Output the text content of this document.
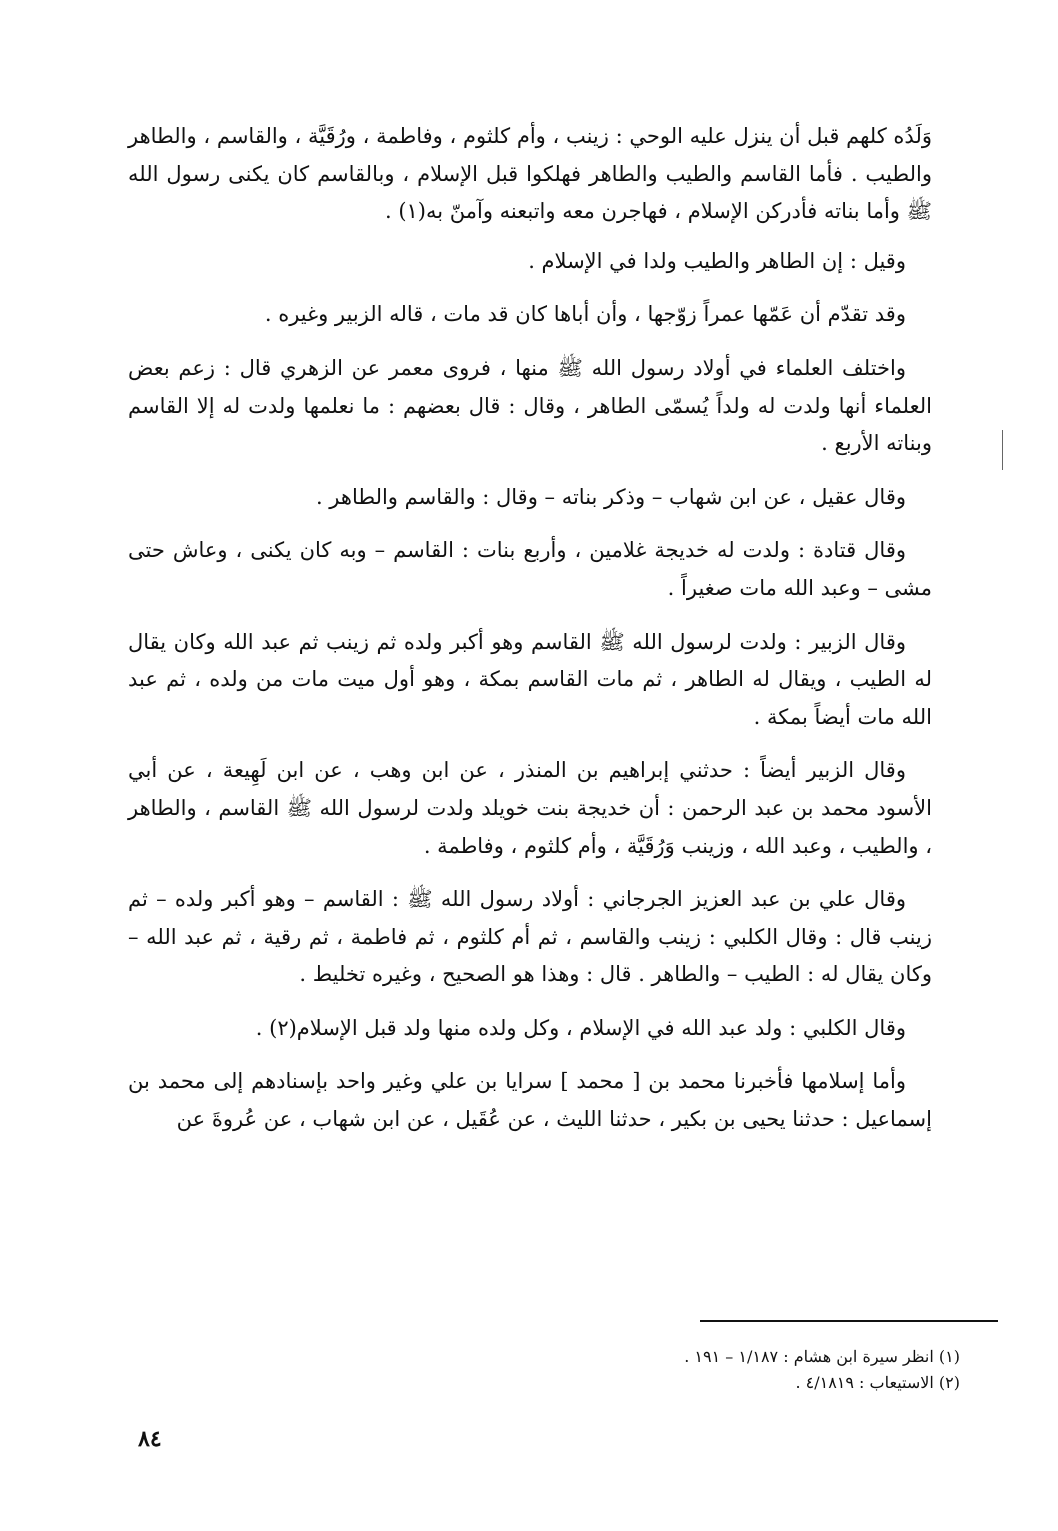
وَلَدُه كلهم قبل أن ينزل عليه الوحي : زينب ، وأم كلثوم ، وفاطمة ، ورُقَيَّة ، والقاسم ، والطاهر والطيب . فأما القاسم والطيب والطاهر فهلكوا قبل الإسلام ، وبالقاسم كان يكنى رسول الله ﷺ وأما بناته فأدركن الإسلام ، فهاجرن معه واتبعنه وآمنّ به(١) .

وقيل : إن الطاهر والطيب ولدا في الإسلام .

وقد تقدّم أن عَمّها عمراً زوّجها ، وأن أباها كان قد مات ، قاله الزبير وغيره .

واختلف العلماء في أولاد رسول الله ﷺ منها ، فروى معمر عن الزهري قال : زعم بعض العلماء أنها ولدت له ولداً يُسمّى الطاهر ، وقال : قال بعضهم : ما نعلمها ولدت له إلا القاسم وبناته الأربع .

وقال عقيل ، عن ابن شهاب – وذكر بناته – وقال : والقاسم والطاهر .

وقال قتادة : ولدت له خديجة غلامين ، وأربع بنات : القاسم – وبه كان يكنى ، وعاش حتى مشى – وعبد الله مات صغيراً .

وقال الزبير : ولدت لرسول الله ﷺ القاسم وهو أكبر ولده ثم زينب ثم عبد الله وكان يقال له الطيب ، ويقال له الطاهر ، ثم مات القاسم بمكة ، وهو أول ميت مات من ولده ، ثم عبد الله مات أيضاً بمكة .

وقال الزبير أيضاً : حدثني إبراهيم بن المنذر ، عن ابن وهب ، عن ابن لَهِيعة ، عن أبي الأسود محمد بن عبد الرحمن : أن خديجة بنت خويلد ولدت لرسول الله ﷺ القاسم ، والطاهر ، والطيب ، وعبد الله ، وزينب وَرُقَيَّة ، وأم كلثوم ، وفاطمة .

وقال علي بن عبد العزيز الجرجاني : أولاد رسول الله ﷺ : القاسم – وهو أكبر ولده – ثم زينب قال : وقال الكلبي : زينب والقاسم ، ثم أم كلثوم ، ثم فاطمة ، ثم رقية ، ثم عبد الله – وكان يقال له : الطيب – والطاهر . قال : وهذا هو الصحيح ، وغيره تخليط .

وقال الكلبي : ولد عبد الله في الإسلام ، وكل ولده منها ولد قبل الإسلام(٢) .

وأما إسلامها فأخبرنا محمد بن [ محمد ] سرايا بن علي وغير واحد بإسنادهم إلى محمد بن إسماعيل : حدثنا يحيى بن بكير ، حدثنا الليث ، عن عُقَيل ، عن ابن شهاب ، عن عُروةَ عن

(١) انظر سيرة ابن هشام : ١/١٨٧ – ١٩١ .
(٢) الاستيعاب : ٤/١٨١٩ .
٨٤
